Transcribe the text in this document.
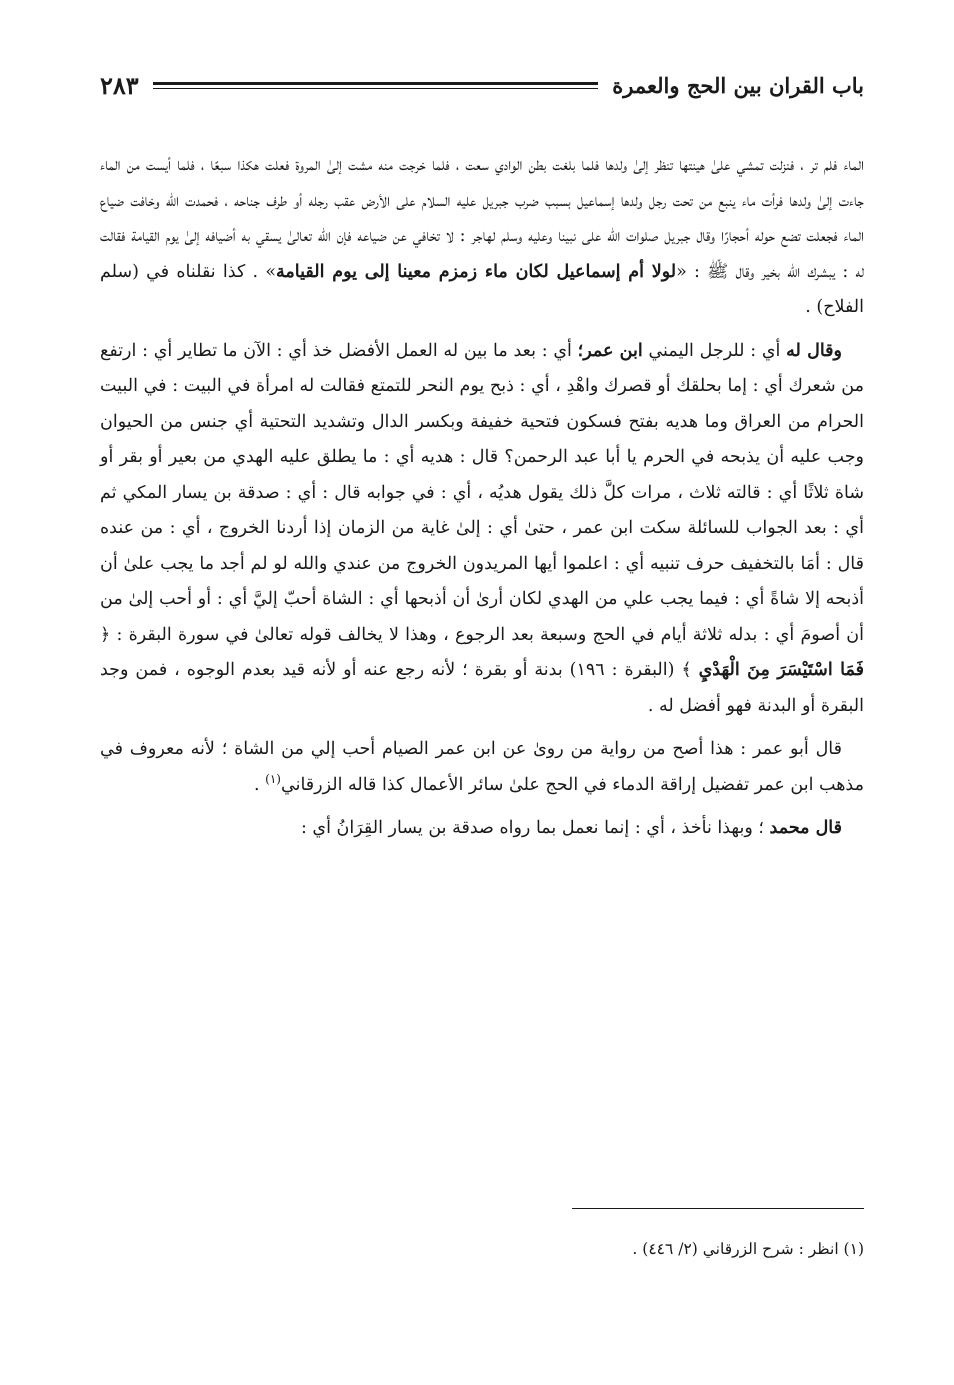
باب القران بين الحج والعمرة
٢٨٣

الماء فلم تر ، فنزلت تمشي علىٰ هينتها تنظر إلىٰ ولدها فلما بلغت بطن الوادي سعت ، فلما خرجت منه مشت إلىٰ المروة فعلت هكذا سبعًا ، فلما أيست من الماء جاءت إلىٰ ولدها فرأت ماء ينبع من تحت رجل ولدها إسماعيل بسبب ضرب جبريل عليه السلام على الأرض عقب رجله أو طرف جناحه ، فحمدت الله وخافت ضياع الماء فجعلت تضع حوله أحجارًا وقال جبريل صلوات الله على نبينا وعليه وسلم لهاجر : لا تخافي عن ضياعه فإن الله تعالىٰ يسقي به أضيافه إلىٰ يوم القيامة فقالت له : يبشرك الله بخير وقال ﷺ : «لولا أم إسماعيل لكان ماء زمزم معينا إلى يوم القيامة» . كذا نقلناه في (سلم الفلاح) .

وقال له أي : للرجل اليمني ابن عمر؛ أي : بعد ما بين له العمل الأفضل خذ أي : الآن ما تطاير أي : ارتفع من شعرك أي : إما بحلقك أو قصرك واهْدِ ، أي : ذبح يوم النحر للتمتع فقالت له امرأة في البيت : في البيت الحرام من العراق وما هديه بفتح فسكون فتحية خفيفة وبكسر الدال وتشديد التحتية أي جنس من الحيوان وجب عليه أن يذبحه في الحرم يا أبا عبد الرحمن؟ قال : هديه أي : ما يطلق عليه الهدي من بعير أو بقر أو شاة ثلاثًا أي : قالته ثلاث ، مرات كلَّ ذلك يقول هديُه ، أي : في جوابه قال : أي : صدقة بن يسار المكي ثم أي : بعد الجواب للسائلة سكت ابن عمر ، حتىٰ أي : إلىٰ غاية من الزمان إذا أردنا الخروج ، أي : من عنده قال : أمَا بالتخفيف حرف تنبيه أي : اعلموا أيها المريدون الخروج من عندي والله لو لم أجد ما يجب علىٰ أن أذبحه إلا شاةً أي : فيما يجب علي من الهدي لكان أرىٰ أن أذبحها أي : الشاة أحبّ إليَّ أي : أو أحب إلىٰ من أن أصومَ أي : بدله ثلاثة أيام في الحج وسبعة بعد الرجوع ، وهذا لا يخالف قوله تعالىٰ في سورة البقرة : ﴿ فَمَا اسْتَيْسَرَ مِنَ الْهَدْيِ ﴾ (البقرة : ١٩٦) بدنة أو بقرة ؛ لأنه رجع عنه أو لأنه قيد بعدم الوجوه ، فمن وجد البقرة أو البدنة فهو أفضل له .

قال أبو عمر : هذا أصح من رواية من روىٰ عن ابن عمر الصيام أحب إلي من الشاة ؛ لأنه معروف في مذهب ابن عمر تفضيل إراقة الدماء في الحج علىٰ سائر الأعمال كذا قاله الزرقاني$^{(١)}$ .

قال محمد ؛ وبهذا نأخذ ، أي : إنما نعمل بما رواه صدقة بن يسار القِرَانُ أي :

(١) انظر : شرح الزرقاني (٢/ ٤٤٦) .
